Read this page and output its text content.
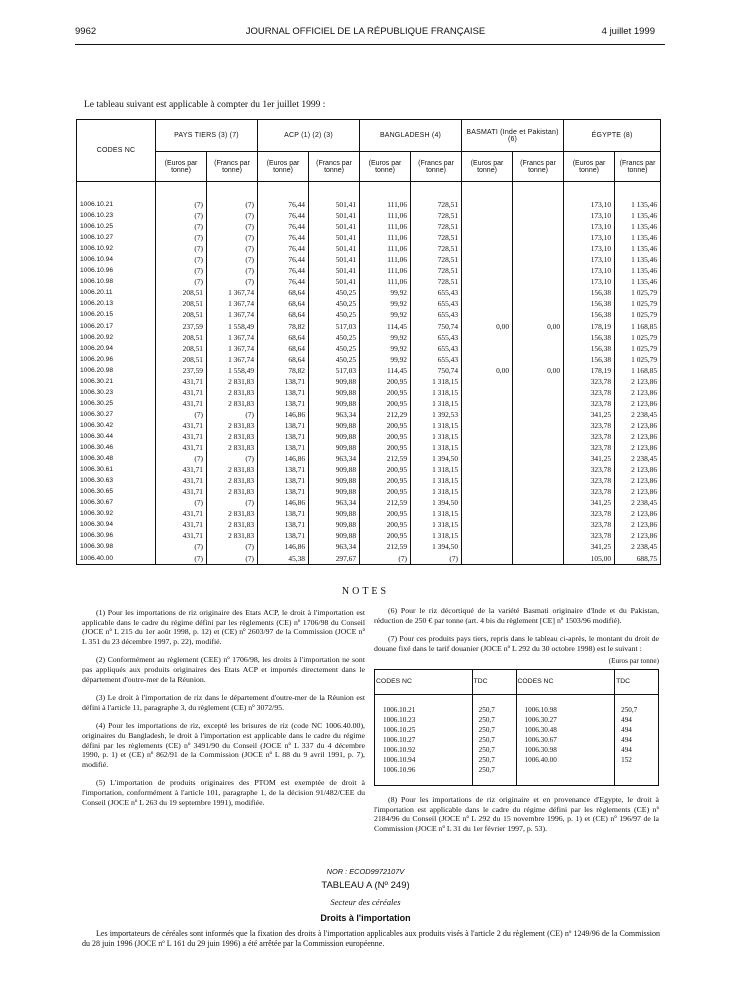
9962	JOURNAL OFFICIEL DE LA RÉPUBLIQUE FRANÇAISE	4 juillet 1999
Le tableau suivant est applicable à compter du 1er juillet 1999 :
CODES NC	PAYS TIERS (3) (7)		ACP (1) (2) (3)		BANGLADESH (4)		BASMATI (Inde et Pakistan) (6)		ÉGYPTE (8)	
	(Euros par tonne)	(Francs par tonne)	(Euros par tonne)	(Francs par tonne)	(Euros par tonne)	(Francs par tonne)	(Euros par tonne)	(Francs par tonne)	(Euros par tonne)	(Francs par tonne)

1006.10.21	(7)	(7)	76,44	501,41	111,06	728,51			173,10	1 135,46
1006.10.23	(7)	(7)	76,44	501,41	111,06	728,51			173,10	1 135,46
1006.10.25	(7)	(7)	76,44	501,41	111,06	728,51			173,10	1 135,46
1006.10.27	(7)	(7)	76,44	501,41	111,06	728,51			173,10	1 135,46
1006.10.92	(7)	(7)	76,44	501,41	111,06	728,51			173,10	1 135,46
1006.10.94	(7)	(7)	76,44	501,41	111,06	728,51			173,10	1 135,46
1006.10.96	(7)	(7)	76,44	501,41	111,06	728,51			173,10	1 135,46
1006.10.98	(7)	(7)	76,44	501,41	111,06	728,51			173,10	1 135,46
1006.20.11	208,51	1 367,74	68,64	450,25	99,92	655,43			156,38	1 025,79
1006.20.13	208,51	1 367,74	68,64	450,25	99,92	655,43			156,38	1 025,79
1006.20.15	208,51	1 367,74	68,64	450,25	99,92	655,43			156,38	1 025,79
1006.20.17	237,59	1 558,49	78,82	517,03	114,45	750,74	0,00	0,00	178,19	1 168,85
1006.20.92	208,51	1 367,74	68,64	450,25	99,92	655,43			156,38	1 025,79
1006.20.94	208,51	1 367,74	68,64	450,25	99,92	655,43			156,38	1 025,79
1006.20.96	208,51	1 367,74	68,64	450,25	99,92	655,43			156,38	1 025,79
1006.20.98	237,59	1 558,49	78,82	517,03	114,45	750,74	0,00	0,00	178,19	1 168,85
1006.30.21	431,71	2 831,83	138,71	909,88	200,95	1 318,15			323,78	2 123,86
1006.30.23	431,71	2 831,83	138,71	909,88	200,95	1 318,15			323,78	2 123,86
1006.30.25	431,71	2 831,83	138,71	909,88	200,95	1 318,15			323,78	2 123,86
1006.30.27	(7)	(7)	146,86	963,34	212,29	1 392,53			341,25	2 238,45
1006.30.42	431,71	2 831,83	138,71	909,88	200,95	1 318,15			323,78	2 123,86
1006.30.44	431,71	2 831,83	138,71	909,88	200,95	1 318,15			323,78	2 123,86
1006.30.46	431,71	2 831,83	138,71	909,88	200,95	1 318,15			323,78	2 123,86
1006.30.48	(7)	(7)	146,86	963,34	212,59	1 394,50			341,25	2 238,45
1006.30.61	431,71	2 831,83	138,71	909,88	200,95	1 318,15			323,78	2 123,86
1006.30.63	431,71	2 831,83	138,71	909,88	200,95	1 318,15			323,78	2 123,86
1006.30.65	431,71	2 831,83	138,71	909,88	200,95	1 318,15			323,78	2 123,86
1006.30.67	(7)	(7)	146,86	963,34	212,59	1 394,50			341,25	2 238,45
1006.30.92	431,71	2 831,83	138,71	909,88	200,95	1 318,15			323,78	2 123,86
1006.30.94	431,71	2 831,83	138,71	909,88	200,95	1 318,15			323,78	2 123,86
1006.30.96	431,71	2 831,83	138,71	909,88	200,95	1 318,15			323,78	2 123,86
1006.30.98	(7)	(7)	146,86	963,34	212,59	1 394,50			341,25	2 238,45
1006.40.00	(7)	(7)	45,38	297,67	(7)	(7)			105,00	688,75
NOTES

(1) Pour les importations de riz originaire des Etats ACP, le droit à l'importation est applicable dans le cadre du régime défini par les règlements (CE) nº 1706/98 du Conseil (JOCE nº L 215 du 1er août 1998, p. 12) et (CE) nº 2603/97 de la Commission (JOCE nº L 351 du 23 décembre 1997, p. 22), modifié.

(2) Conformément au règlement (CEE) nº 1706/98, les droits à l'importation ne sont pas appliqués aux produits originaires des Etats ACP et importés directement dans le département d'outre-mer de la Réunion.

(3) Le droit à l'importation de riz dans le département d'outre-mer de la Réunion est défini à l'article 11, paragraphe 3, du règlement (CE) nº 3072/95.

(4) Pour les importations de riz, excepté les brisures de riz (code NC 1006.40.00), originaires du Bangladesh, le droit à l'importation est applicable dans le cadre du régime défini par les règlements (CE) nº 3491/90 du Conseil (JOCE nº L 337 du 4 décembre 1990, p. 1) et (CE) nº 862/91 de la Commission (JOCE nº L 88 du 9 avril 1991, p. 7), modifié.

(5) L'importation de produits originaires des PTOM est exemptée de droit à l'importation, conformément à l'article 101, paragraphe 1, de la décision 91/482/CEE du Conseil (JOCE nº L 263 du 19 septembre 1991), modifiée.

(6) Pour le riz décortiqué de la variété Basmati originaire d'Inde et du Pakistan, réduction de 250 € par tonne (art. 4 bis du règlement [CE] nº 1503/96 modifié).

(7) Pour ces produits pays tiers, repris dans le tableau ci-après, le montant du droit de douane fixé dans le tarif douanier (JOCE nº L 292 du 30 octobre 1998) est le suivant :

(Euros par tonne)
CODES NC	TDC	CODES NC	TDC

1006.10.21	250,7	1006.10.98	250,7
1006.10.23	250,7	1006.30.27	494
1006.10.25	250,7	1006.30.48	494
1006.10.27	250,7	1006.30.67	494
1006.10.92	250,7	1006.30.98	494
1006.10.94	250,7	1006.40.00	152
1006.10.96	250,7		

(8) Pour les importations de riz originaire et en provenance d'Egypte, le droit à l'importation est applicable dans le cadre du régime défini par les règlements (CE) nº 2184/96 du Conseil (JOCE nº L 292 du 15 novembre 1996, p. 1) et (CE) nº 196/97 de la Commission (JOCE nº L 31 du 1er février 1997, p. 53).

NOR : ECOD9972107V
TABLEAU A (Nº 249)
Secteur des céréales
Droits à l'importation
Les importateurs de céréales sont informés que la fixation des droits à l'importation applicables aux produits visés à l'article 2 du règlement (CE) nº 1249/96 de la Commission du 28 juin 1996 (JOCE nº L 161 du 29 juin 1996) a été arrêtée par la Commission européenne.
